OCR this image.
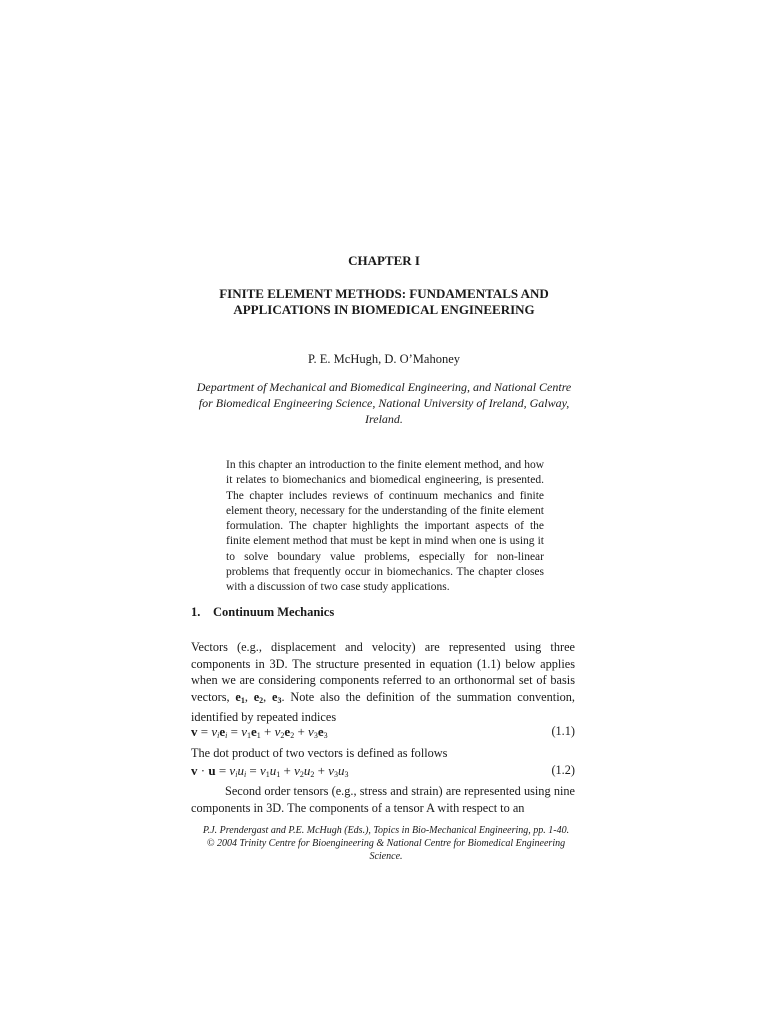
CHAPTER I
FINITE ELEMENT METHODS: FUNDAMENTALS AND
APPLICATIONS IN BIOMEDICAL ENGINEERING
P. E. McHugh, D. O’Mahoney
Department of Mechanical and Biomedical Engineering, and National Centre for Biomedical Engineering Science, National University of Ireland, Galway, Ireland.

In this chapter an introduction to the finite element method, and how it relates to biomechanics and biomedical engineering, is presented. The chapter includes reviews of continuum mechanics and finite element theory, necessary for the understanding of the finite element formulation. The chapter highlights the important aspects of the finite element method that must be kept in mind when one is using it to solve boundary value problems, especially for non-linear problems that frequently occur in biomechanics. The chapter closes with a discussion of two case study applications.

1. Continuum Mechanics

Vectors (e.g., displacement and velocity) are represented using three components in 3D. The structure presented in equation (1.1) below applies when we are considering components referred to an orthonormal set of basis vectors, $e_1$, $e_2$, $e_3$. Note also the definition of the summation convention, identified by repeated indices

$v = v_ie_i = v_1e_1 + v_2e_2 + v_3e_3$	(1.1)
The dot product of two vectors is defined as follows
$v \cdot u = v_iu_i = v_1u_1 + v_2u_2 + v_3u_3$	(1.2)

Second order tensors (e.g., stress and strain) are represented using nine components in 3D. The components of a tensor A with respect to an

P.J. Prendergast and P.E. McHugh (Eds.), Topics in Bio-Mechanical Engineering, pp. 1-40.
© 2004 Trinity Centre for Bioengineering & National Centre for Biomedical Engineering Science.
